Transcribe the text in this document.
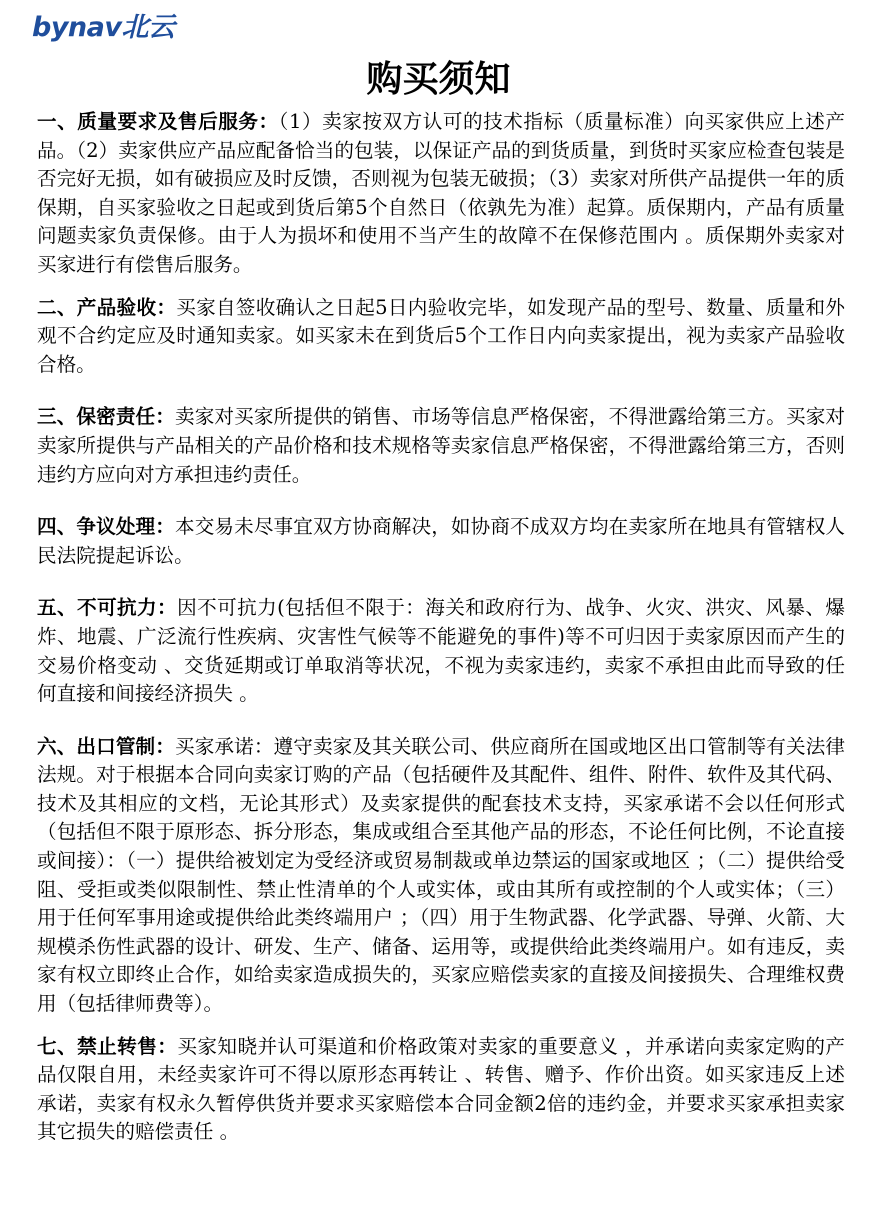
bynav北云
购买须知

一、质量要求及售后服务：（1）卖家按双方认可的技术指标（质量标准）向买家供应上述产品。（2）卖家供应产品应配备恰当的包装，以保证产品的到货质量，到货时买家应检查包装是否完好无损，如有破损应及时反馈，否则视为包装无破损；（3）卖家对所供产品提供一年的质保期，自买家验收之日起或到货后第5个自然日（依孰先为准）起算。质保期内，产品有质量问题卖家负责保修。由于人为损坏和使用不当产生的故障不在保修范围内 。质保期外卖家对买家进行有偿售后服务。

二、产品验收：买家自签收确认之日起5日内验收完毕，如发现产品的型号、数量、质量和外观不合约定应及时通知卖家。如买家未在到货后5个工作日内向卖家提出，视为卖家产品验收合格。

三、保密责任：卖家对买家所提供的销售、市场等信息严格保密，不得泄露给第三方。买家对卖家所提供与产品相关的产品价格和技术规格等卖家信息严格保密，不得泄露给第三方，否则违约方应向对方承担违约责任。

四、争议处理：本交易未尽事宜双方协商解决，如协商不成双方均在卖家所在地具有管辖权人民法院提起诉讼。

五、不可抗力：因不可抗力(包括但不限于：海关和政府行为、战争、火灾、洪灾、风暴、爆炸、地震、广泛流行性疾病、灾害性气候等不能避免的事件)等不可归因于卖家原因而产生的交易价格变动 、交货延期或订单取消等状况，不视为卖家违约，卖家不承担由此而导致的任何直接和间接经济损失 。

六、出口管制：买家承诺：遵守卖家及其关联公司、供应商所在国或地区出口管制等有关法律法规。对于根据本合同向卖家订购的产品（包括硬件及其配件、组件、附件、软件及其代码、技术及其相应的文档，无论其形式）及卖家提供的配套技术支持，买家承诺不会以任何形式（包括但不限于原形态、拆分形态，集成或组合至其他产品的形态，不论任何比例，不论直接或间接）：（一）提供给被划定为受经济或贸易制裁或单边禁运的国家或地区 ；（二）提供给受阻、受拒或类似限制性、禁止性清单的个人或实体，或由其所有或控制的个人或实体；（三）用于任何军事用途或提供给此类终端用户 ；（四）用于生物武器、化学武器、导弹、火箭、大规模杀伤性武器的设计、研发、生产、储备、运用等，或提供给此类终端用户。如有违反，卖家有权立即终止合作，如给卖家造成损失的，买家应赔偿卖家的直接及间接损失、合理维权费用（包括律师费等）。

七、禁止转售：买家知晓并认可渠道和价格政策对卖家的重要意义 ，并承诺向卖家定购的产品仅限自用，未经卖家许可不得以原形态再转让 、转售、赠予、作价出资。如买家违反上述承诺，卖家有权永久暂停供货并要求买家赔偿本合同金额2倍的违约金，并要求买家承担卖家其它损失的赔偿责任 。
